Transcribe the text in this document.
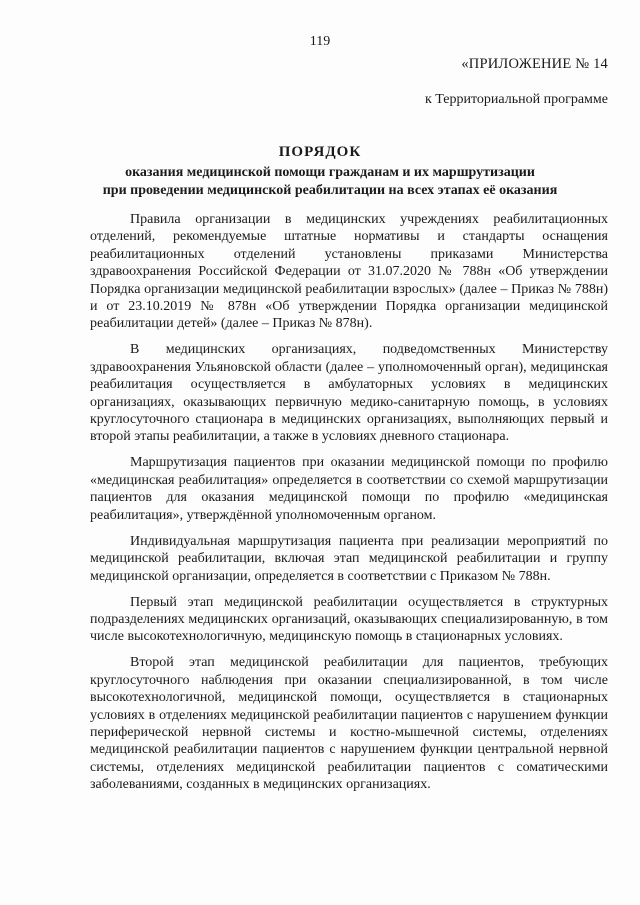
119
«ПРИЛОЖЕНИЕ № 14
к Территориальной программе
ПОРЯДОК
оказания медицинской помощи гражданам и их маршрутизации
при проведении медицинской реабилитации на всех этапах её оказания

Правила организации в медицинских учреждениях реабилитационных отделений, рекомендуемые штатные нормативы и стандарты оснащения реабилитационных отделений установлены приказами Министерства здравоохранения Российской Федерации от 31.07.2020 № 788н «Об утверждении Порядка организации медицинской реабилитации взрослых» (далее – Приказ № 788н) и от 23.10.2019 № 878н «Об утверждении Порядка организации медицинской реабилитации детей» (далее – Приказ № 878н).

В медицинских организациях, подведомственных Министерству здравоохранения Ульяновской области (далее – уполномоченный орган), медицинская реабилитация осуществляется в амбулаторных условиях в медицинских организациях, оказывающих первичную медико-санитарную помощь, в условиях круглосуточного стационара в медицинских организациях, выполняющих первый и второй этапы реабилитации, а также в условиях дневного стационара.

Маршрутизация пациентов при оказании медицинской помощи по профилю «медицинская реабилитация» определяется в соответствии со схемой маршрутизации пациентов для оказания медицинской помощи по профилю «медицинская реабилитация», утверждённой уполномоченным органом.

Индивидуальная маршрутизация пациента при реализации мероприятий по медицинской реабилитации, включая этап медицинской реабилитации и группу медицинской организации, определяется в соответствии с Приказом № 788н.

Первый этап медицинской реабилитации осуществляется в структурных подразделениях медицинских организаций, оказывающих специализированную, в том числе высокотехнологичную, медицинскую помощь в стационарных условиях.

Второй этап медицинской реабилитации для пациентов, требующих круглосуточного наблюдения при оказании специализированной, в том числе высокотехнологичной, медицинской помощи, осуществляется в стационарных условиях в отделениях медицинской реабилитации пациентов с нарушением функции периферической нервной системы и костно-мышечной системы, отделениях медицинской реабилитации пациентов с нарушением функции центральной нервной системы, отделениях медицинской реабилитации пациентов с соматическими заболеваниями, созданных в медицинских организациях.
